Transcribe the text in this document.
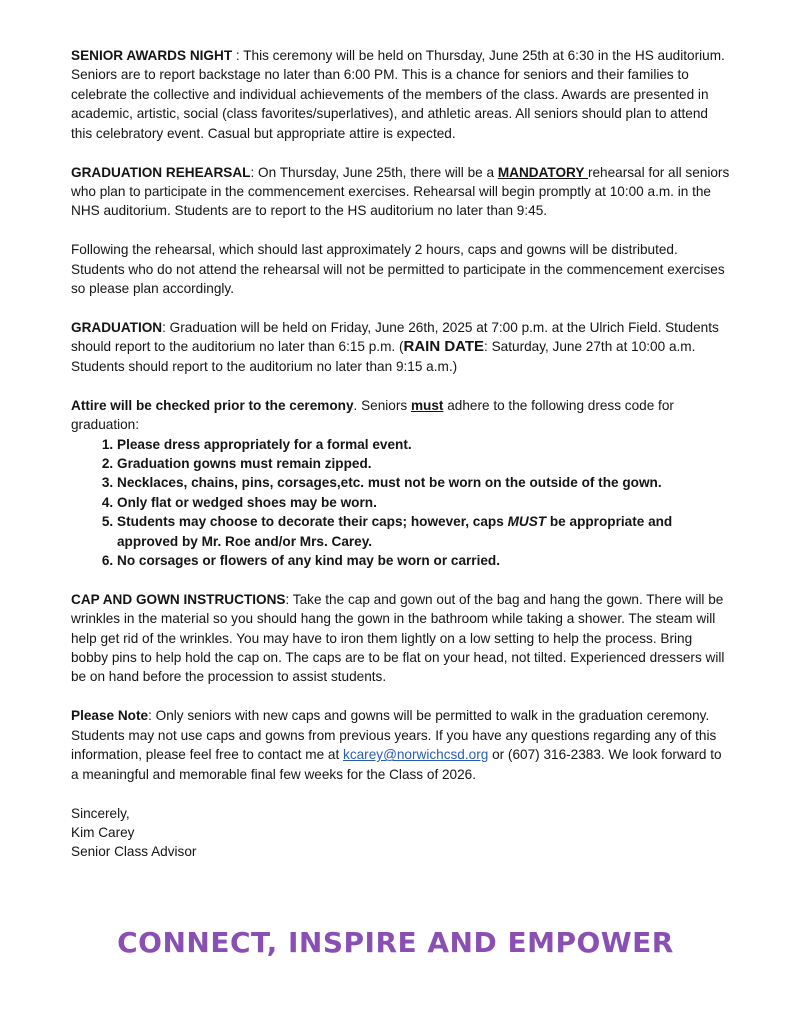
SENIOR AWARDS NIGHT : This ceremony will be held on Thursday, June 25th at 6:30 in the HS auditorium. Seniors are to report backstage no later than 6:00 PM. This is a chance for seniors and their families to celebrate the collective and individual achievements of the members of the class. Awards are presented in academic, artistic, social (class favorites/superlatives), and athletic areas. All seniors should plan to attend this celebratory event. Casual but appropriate attire is expected.

GRADUATION REHEARSAL: On Thursday, June 25th, there will be a MANDATORY rehearsal for all seniors who plan to participate in the commencement exercises. Rehearsal will begin promptly at 10:00 a.m. in the NHS auditorium. Students are to report to the HS auditorium no later than 9:45.

Following the rehearsal, which should last approximately 2 hours, caps and gowns will be distributed. Students who do not attend the rehearsal will not be permitted to participate in the commencement exercises so please plan accordingly.

GRADUATION: Graduation will be held on Friday, June 26th, 2025 at 7:00 p.m. at the Ulrich Field. Students should report to the auditorium no later than 6:15 p.m. (RAIN DATE: Saturday, June 27th at 10:00 a.m. Students should report to the auditorium no later than 9:15 a.m.)

Attire will be checked prior to the ceremony. Seniors must adhere to the following dress code for graduation:

1. Please dress appropriately for a formal event.
2. Graduation gowns must remain zipped.
3. Necklaces, chains, pins, corsages,etc. must not be worn on the outside of the gown.
4. Only flat or wedged shoes may be worn.
5. Students may choose to decorate their caps; however, caps MUST be appropriate and approved by Mr. Roe and/or Mrs. Carey.
6. No corsages or flowers of any kind may be worn or carried.

CAP AND GOWN INSTRUCTIONS: Take the cap and gown out of the bag and hang the gown. There will be wrinkles in the material so you should hang the gown in the bathroom while taking a shower. The steam will help get rid of the wrinkles. You may have to iron them lightly on a low setting to help the process. Bring bobby pins to help hold the cap on. The caps are to be flat on your head, not tilted. Experienced dressers will be on hand before the procession to assist students.

Please Note: Only seniors with new caps and gowns will be permitted to walk in the graduation ceremony. Students may not use caps and gowns from previous years. If you have any questions regarding any of this information, please feel free to contact me at kcarey@norwichcsd.org or (607) 316-2383. We look forward to a meaningful and memorable final few weeks for the Class of 2026.

Sincerely,

Kim Carey

Senior Class Advisor

CONNECT, INSPIRE AND EMPOWER
